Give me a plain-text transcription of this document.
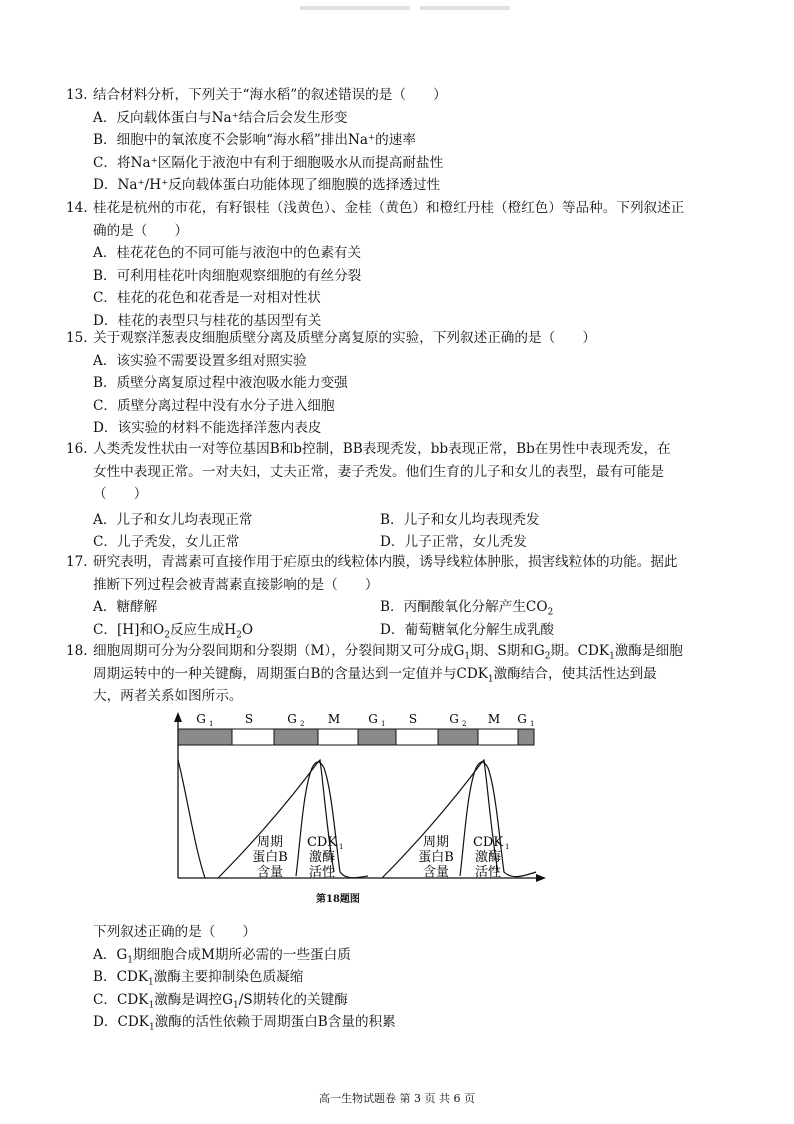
13. 结合材料分析，下列关于“海水稻”的叙述错误的是（　　）
A．反向载体蛋白与Na⁺结合后会发生形变
B．细胞中的氧浓度不会影响“海水稻”排出Na⁺的速率
C．将Na⁺区隔化于液泡中有利于细胞吸水从而提高耐盐性
D．Na⁺/H⁺反向载体蛋白功能体现了细胞膜的选择透过性
14. 桂花是杭州的市花，有籽银桂（浅黄色）、金桂（黄色）和橙红丹桂（橙红色）等品种。下列叙述正
确的是（　　）
A．桂花花色的不同可能与液泡中的色素有关
B．可利用桂花叶肉细胞观察细胞的有丝分裂
C．桂花的花色和花香是一对相对性状
D．桂花的表型只与桂花的基因型有关
15. 关于观察洋葱表皮细胞质壁分离及质壁分离复原的实验，下列叙述正确的是（　　）
A．该实验不需要设置多组对照实验
B．质壁分离复原过程中液泡吸水能力变强
C．质壁分离过程中没有水分子进入细胞
D．该实验的材料不能选择洋葱内表皮
16. 人类秃发性状由一对等位基因B和b控制，BB表现秃发，bb表现正常，Bb在男性中表现秃发，在
女性中表现正常。一对夫妇，丈夫正常，妻子秃发。他们生育的儿子和女儿的表型，最有可能是
（　　）
A．儿子和女儿均表现正常	B．儿子和女儿均表现秃发
C．儿子秃发，女儿正常	D．儿子正常，女儿秃发
17. 研究表明，青蒿素可直接作用于疟原虫的线粒体内膜，诱导线粒体肿胀，损害线粒体的功能。据此
推断下列过程会被青蒿素直接影响的是（　　）
A．糖酵解	B．丙酮酸氧化分解产生$CO_2$
C．[H]和$O_2$反应生成$H_2O$	D．葡萄糖氧化分解生成乳酸
18. 细胞周期可分为分裂间期和分裂期（M），分裂间期又可分成$G_1$期、S期和$G_2$期。$CDK_1$激酶是细胞
周期运转中的一种关键酶，周期蛋白B的含量达到一定值并与$CDK_1$激酶结合，使其活性达到最
大，两者关系如图所示。
G 1	S	G 2 M G 1 S	G 2 M G 1
周期
蛋白B
含量
CDK 1
激酶
活性
周期
蛋白B
含量
CDK 1
激酶
活性
第18题图
下列叙述正确的是（　　）
A．$G_1$期细胞合成M期所必需的一些蛋白质
B．$CDK_1$激酶主要抑制染色质凝缩
C．$CDK_1$激酶是调控$G_1/S$期转化的关键酶
D．$CDK_1$激酶的活性依赖于周期蛋白B含量的积累
高一生物试题卷 第 3 页 共 6 页
